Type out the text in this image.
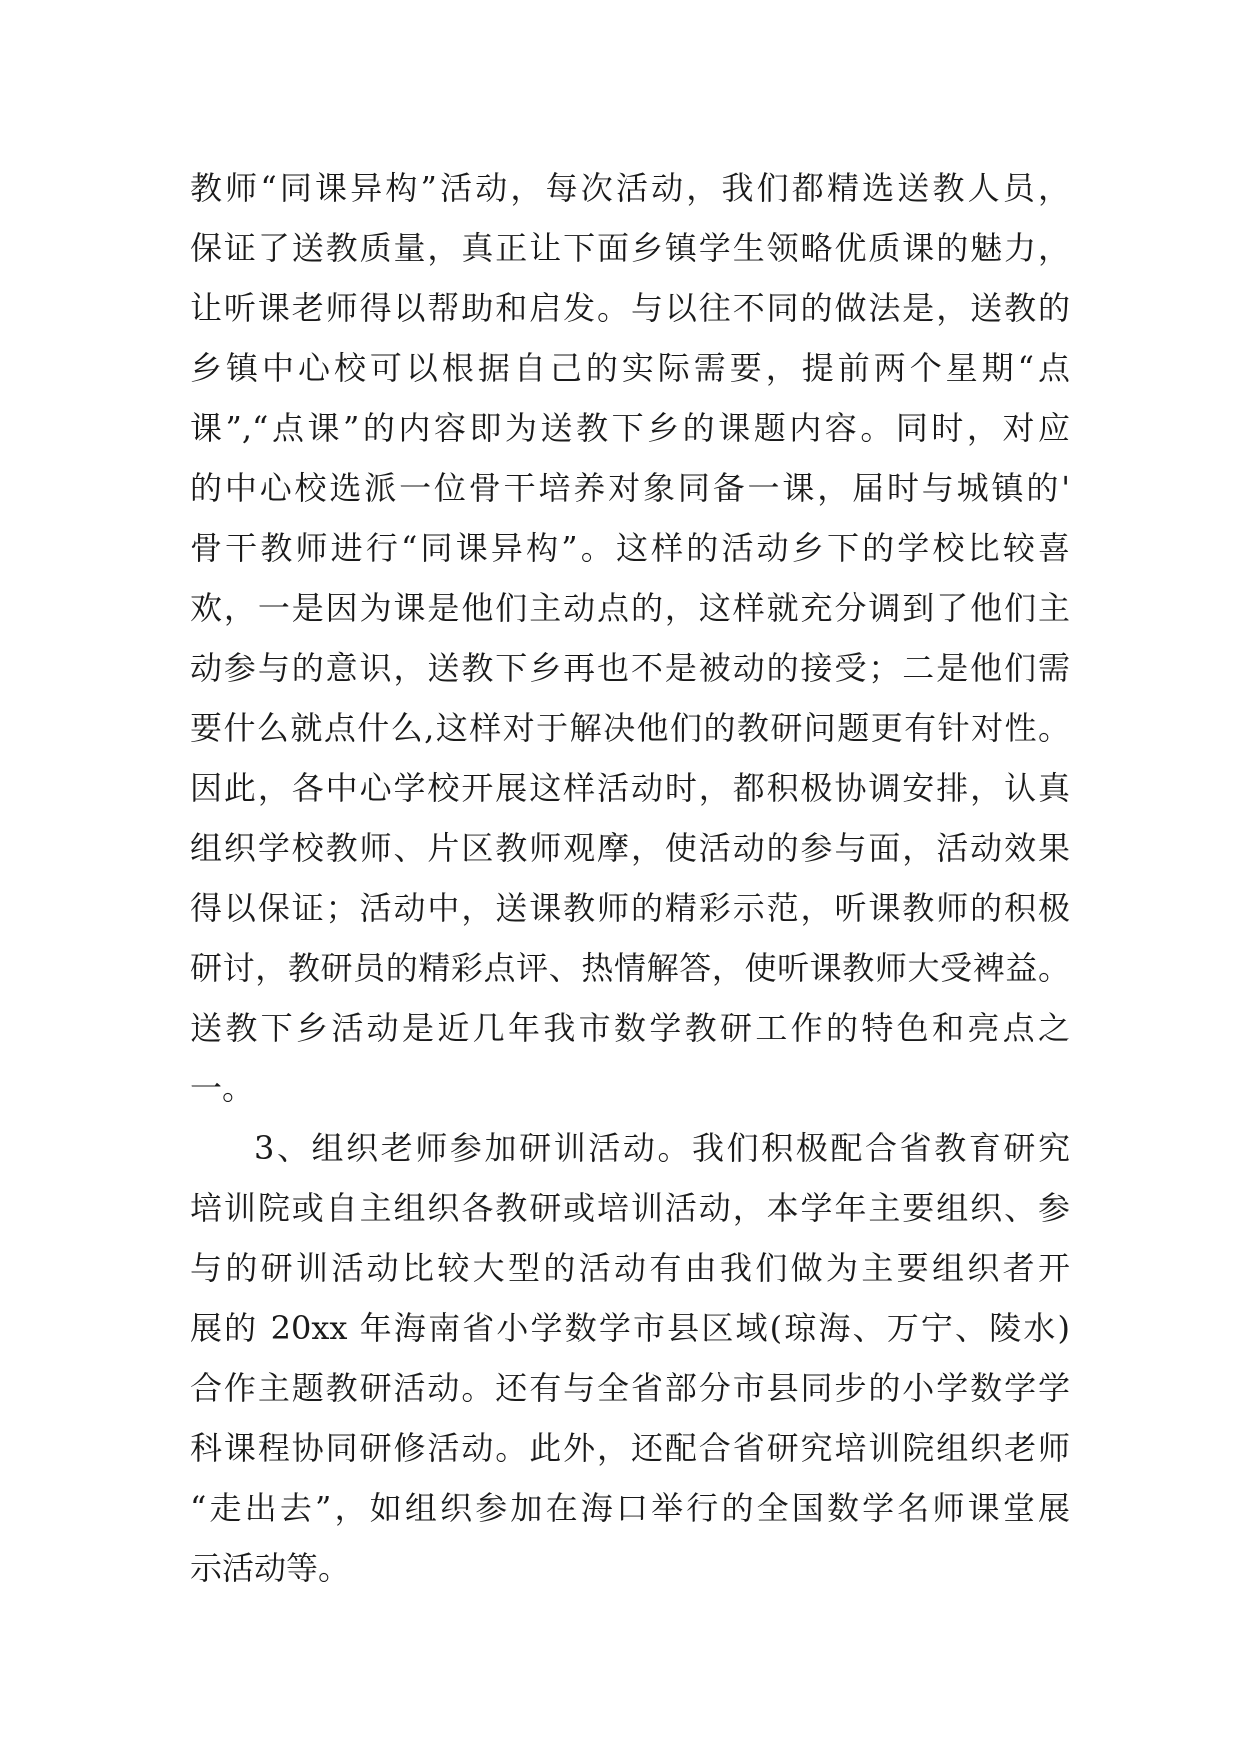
教师“同课异构”活动，每次活动，我们都精选送教人员，
保证了送教质量，真正让下面乡镇学生领略优质课的魅力，
让听课老师得以帮助和启发。与以往不同的做法是，送教的
乡镇中心校可以根据自己的实际需要，提前两个星期“点
课”,“点课”的内容即为送教下乡的课题内容。同时，对应
的中心校选派一位骨干培养对象同备一课，届时与城镇的'
骨干教师进行“同课异构”。这样的活动乡下的学校比较喜
欢，一是因为课是他们主动点的，这样就充分调到了他们主
动参与的意识，送教下乡再也不是被动的接受；二是他们需
要什么就点什么,这样对于解决他们的教研问题更有针对性。
因此，各中心学校开展这样活动时，都积极协调安排，认真
组织学校教师、片区教师观摩，使活动的参与面，活动效果
得以保证；活动中，送课教师的精彩示范，听课教师的积极
研讨，教研员的精彩点评、热情解答，使听课教师大受裨益。
送教下乡活动是近几年我市数学教研工作的特色和亮点之
一。
3、组织老师参加研训活动。我们积极配合省教育研究
培训院或自主组织各教研或培训活动，本学年主要组织、参
与的研训活动比较大型的活动有由我们做为主要组织者开
展的 20xx 年海南省小学数学市县区域(琼海、万宁、陵水)
合作主题教研活动。还有与全省部分市县同步的小学数学学
科课程协同研修活动。此外，还配合省研究培训院组织老师
“走出去”，如组织参加在海口举行的全国数学名师课堂展
示活动等。
